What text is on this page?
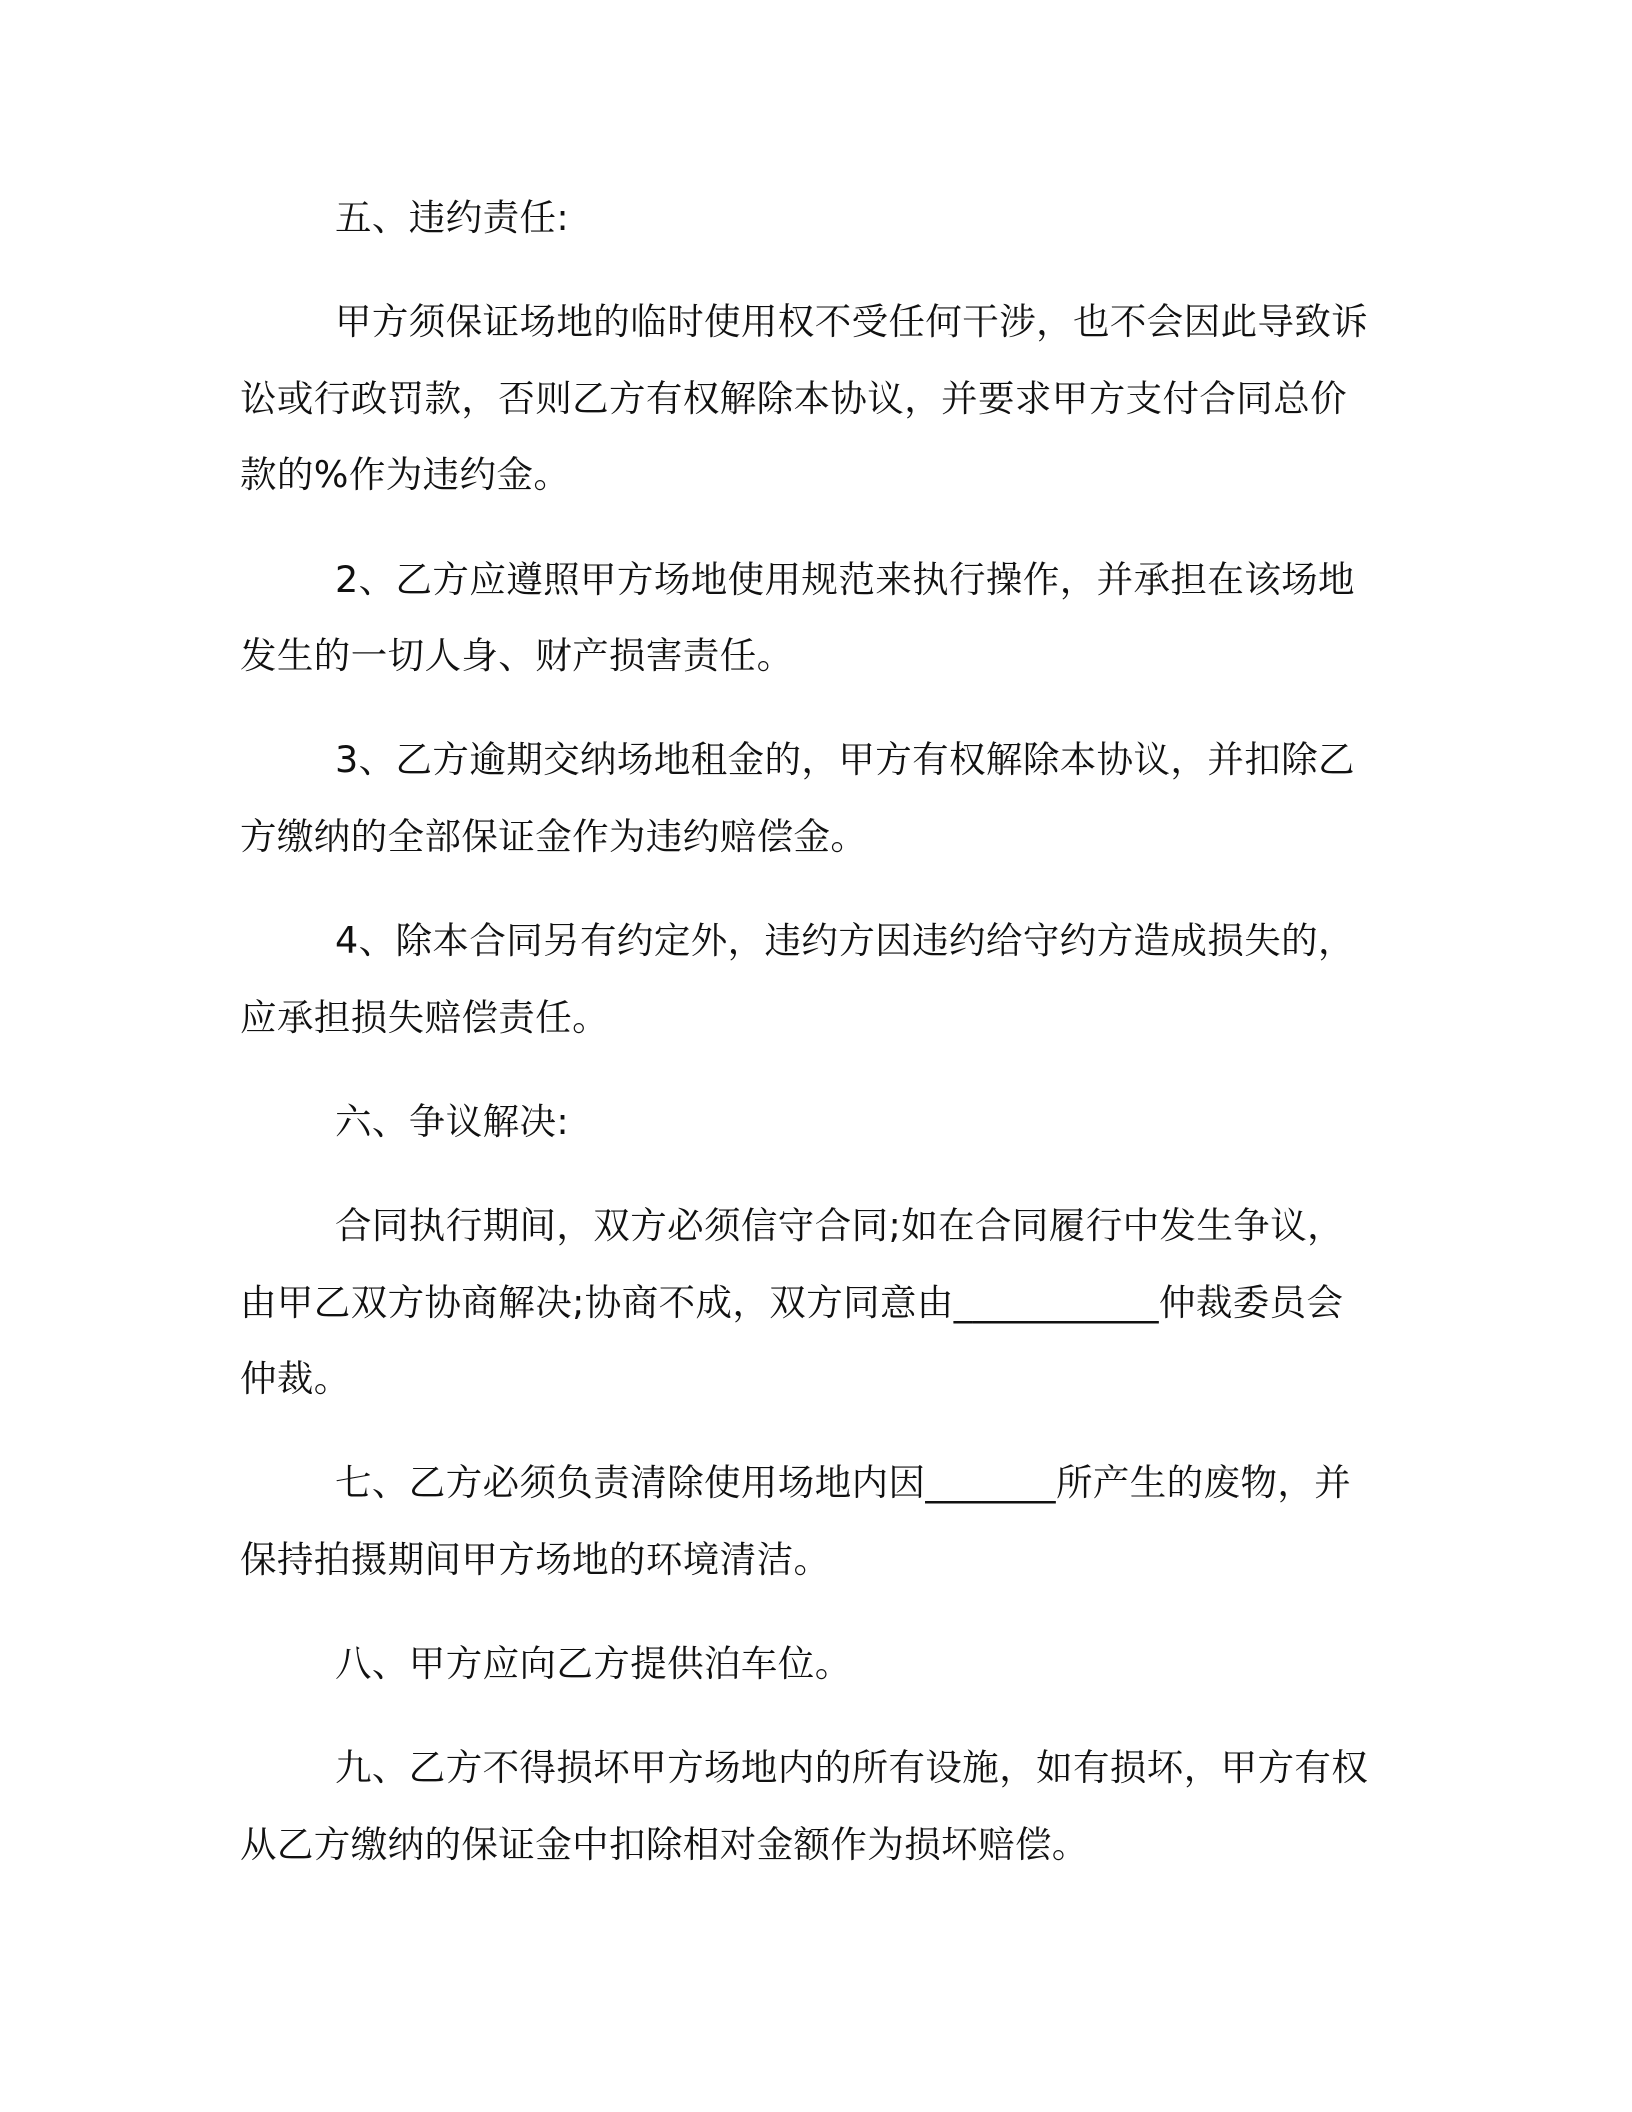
五、违约责任:
甲方须保证场地的临时使用权不受任何干涉，也不会因此导致诉
讼或行政罚款，否则乙方有权解除本协议，并要求甲方支付合同总价
款的%作为违约金。
2、乙方应遵照甲方场地使用规范来执行操作，并承担在该场地
发生的一切人身、财产损害责任。
3、乙方逾期交纳场地租金的，甲方有权解除本协议，并扣除乙
方缴纳的全部保证金作为违约赔偿金。
4、除本合同另有约定外，违约方因违约给守约方造成损失的，
应承担损失赔偿责任。
六、争议解决:
合同执行期间，双方必须信守合同;如在合同履行中发生争议，
由甲乙双方协商解决;协商不成，双方同意由___________仲裁委员会
仲裁。
七、乙方必须负责清除使用场地内因_______所产生的废物，并
保持拍摄期间甲方场地的环境清洁。
八、甲方应向乙方提供泊车位。
九、乙方不得损坏甲方场地内的所有设施，如有损坏，甲方有权
从乙方缴纳的保证金中扣除相对金额作为损坏赔偿。
